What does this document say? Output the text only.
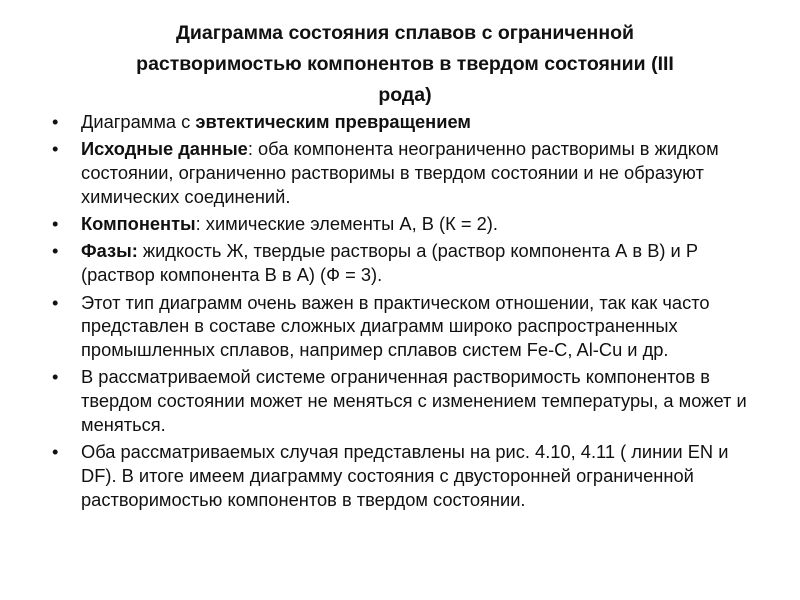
Диаграмма состояния сплавов с ограниченной
растворимостью компонентов в твердом состоянии (III
рода)
• Диаграмма с эвтектическим превращением
• Исходные данные: оба компонента неограниченно растворимы в жидком состоянии, ограниченно растворимы в твердом состоянии и не образуют химических соединений.
• Компоненты: химические элементы А, В (К = 2).
• Фазы: жидкость Ж, твердые растворы a (раствор компонента А в В) и Р (раствор компонента В в А) (Ф = 3).
• Этот тип диаграмм очень важен в практическом отношении, так как часто представлен в составе сложных диаграмм широко распространенных промышленных сплавов, например сплавов систем Fe-C, Al-Cu и др.
• В рассматриваемой системе ограниченная растворимость компонентов в твердом состоянии может не меняться с изменением температуры, а может и меняться.
• Оба рассматриваемых случая представлены на рис. 4.10, 4.11 ( линии EN и DF). В итоге имеем диаграмму состояния с двусторонней ограниченной растворимостью компонентов в твердом состоянии.
